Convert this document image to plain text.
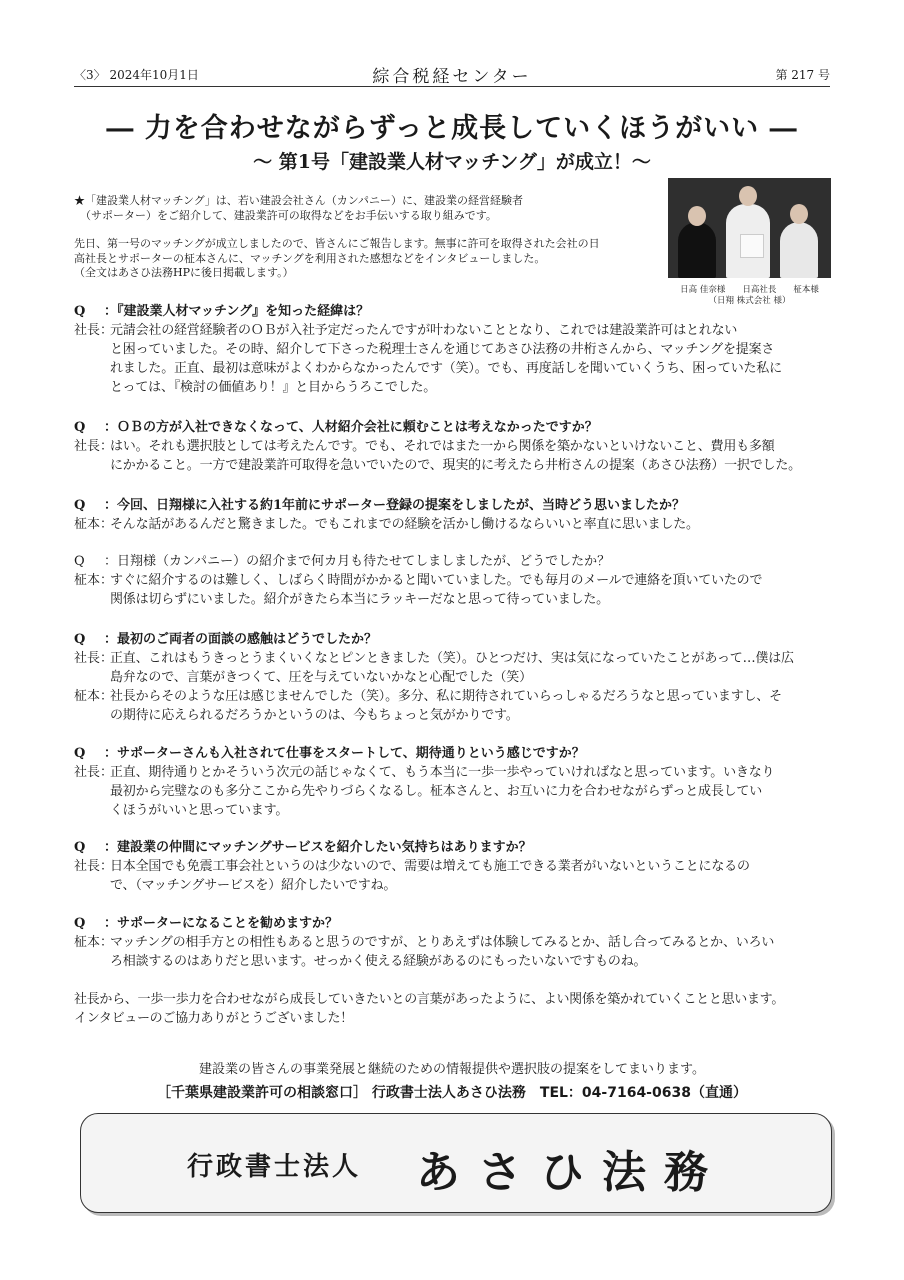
〈3〉 2024年10月1日	綜合税経センター	第 217 号
― 力を合わせながらずっと成長していくほうがいい ―
～ 第1号「建設業人材マッチング」が成立！～
★「建設業人材マッチング」は、若い建設会社さん（カンパニー）に、建設業の経営経験者
（サポーター）をご紹介して、建設業許可の取得などをお手伝いする取り組みです。
先日、第一号のマッチングが成立しましたので、皆さんにご報告します。無事に許可を取得された会社の日
高社長とサポーターの柾本さんに、マッチングを利用された感想などをインタビューしました。
（全文はあさひ法務HPに後日掲載します。）
日高 佳奈様　　日高社長　　柾本様
（日翔 株式会社 様）
Q ：『建設業人材マッチング』を知った経緯は？
社長：
元請会社の経営経験者のＯＢが入社予定だったんですが叶わないこととなり、これでは建設業許可はとれない
と困っていました。その時、紹介して下さった税理士さんを通じてあさひ法務の井桁さんから、マッチングを提案さ
れました。正直、最初は意味がよくわからなかったんです（笑）。でも、再度話しを聞いていくうち、困っていた私に
とっては、『検討の価値あり！』と目からうろこでした。
Q ：ＯＢの方が入社できなくなって、人材紹介会社に頼むことは考えなかったですか？
社長：
はい。それも選択肢としては考えたんです。でも、それではまた一から関係を築かないといけないこと、費用も多額
にかかること。一方で建設業許可取得を急いでいたので、現実的に考えたら井桁さんの提案（あさひ法務）一択でした。
Q ：今回、日翔様に入社する約1年前にサポーター登録の提案をしましたが、当時どう思いましたか？
柾本：
そんな話があるんだと驚きました。でもこれまでの経験を活かし働けるならいいと率直に思いました。
Q ：日翔様（カンパニー）の紹介まで何カ月も待たせてしましましたが、どうでしたか？
柾本：
すぐに紹介するのは難しく、しばらく時間がかかると聞いていました。でも毎月のメールで連絡を頂いていたので
関係は切らずにいました。紹介がきたら本当にラッキーだなと思って待っていました。
Q ：最初のご両者の面談の感触はどうでしたか？
社長：
正直、これはもうきっとうまくいくなとピンときました（笑）。ひとつだけ、実は気になっていたことがあって…僕は広
島弁なので、言葉がきつくて、圧を与えていないかなと心配でした（笑）
柾本：
社長からそのような圧は感じませんでした（笑）。多分、私に期待されていらっしゃるだろうなと思っていますし、そ
の期待に応えられるだろうかというのは、今もちょっと気がかりです。
Q ：サポーターさんも入社されて仕事をスタートして、期待通りという感じですか？
社長：
正直、期待通りとかそういう次元の話じゃなくて、もう本当に一歩一歩やっていければなと思っています。いきなり
最初から完璧なのも多分ここから先やりづらくなるし。柾本さんと、お互いに力を合わせながらずっと成長してい
くほうがいいと思っています。
Q ：建設業の仲間にマッチングサービスを紹介したい気持ちはありますか？
社長：
日本全国でも免震工事会社というのは少ないので、需要は増えても施工できる業者がいないということになるの
で、（マッチングサービスを）紹介したいですね。
Q ：サポーターになることを勧めますか？
柾本：
マッチングの相手方との相性もあると思うのですが、とりあえずは体験してみるとか、話し合ってみるとか、いろい
ろ相談するのはありだと思います。せっかく使える経験があるのにもったいないですものね。
社長から、一歩一歩力を合わせながら成長していきたいとの言葉があったように、よい関係を築かれていくことと思います。
インタビューのご協力ありがとうございました！
建設業の皆さんの事業発展と継続のための情報提供や選択肢の提案をしてまいります。
［千葉県建設業許可の相談窓口］ 行政書士法人あさひ法務　TEL：04-7164-0638（直通）
行政書士法人 あさひ法務
